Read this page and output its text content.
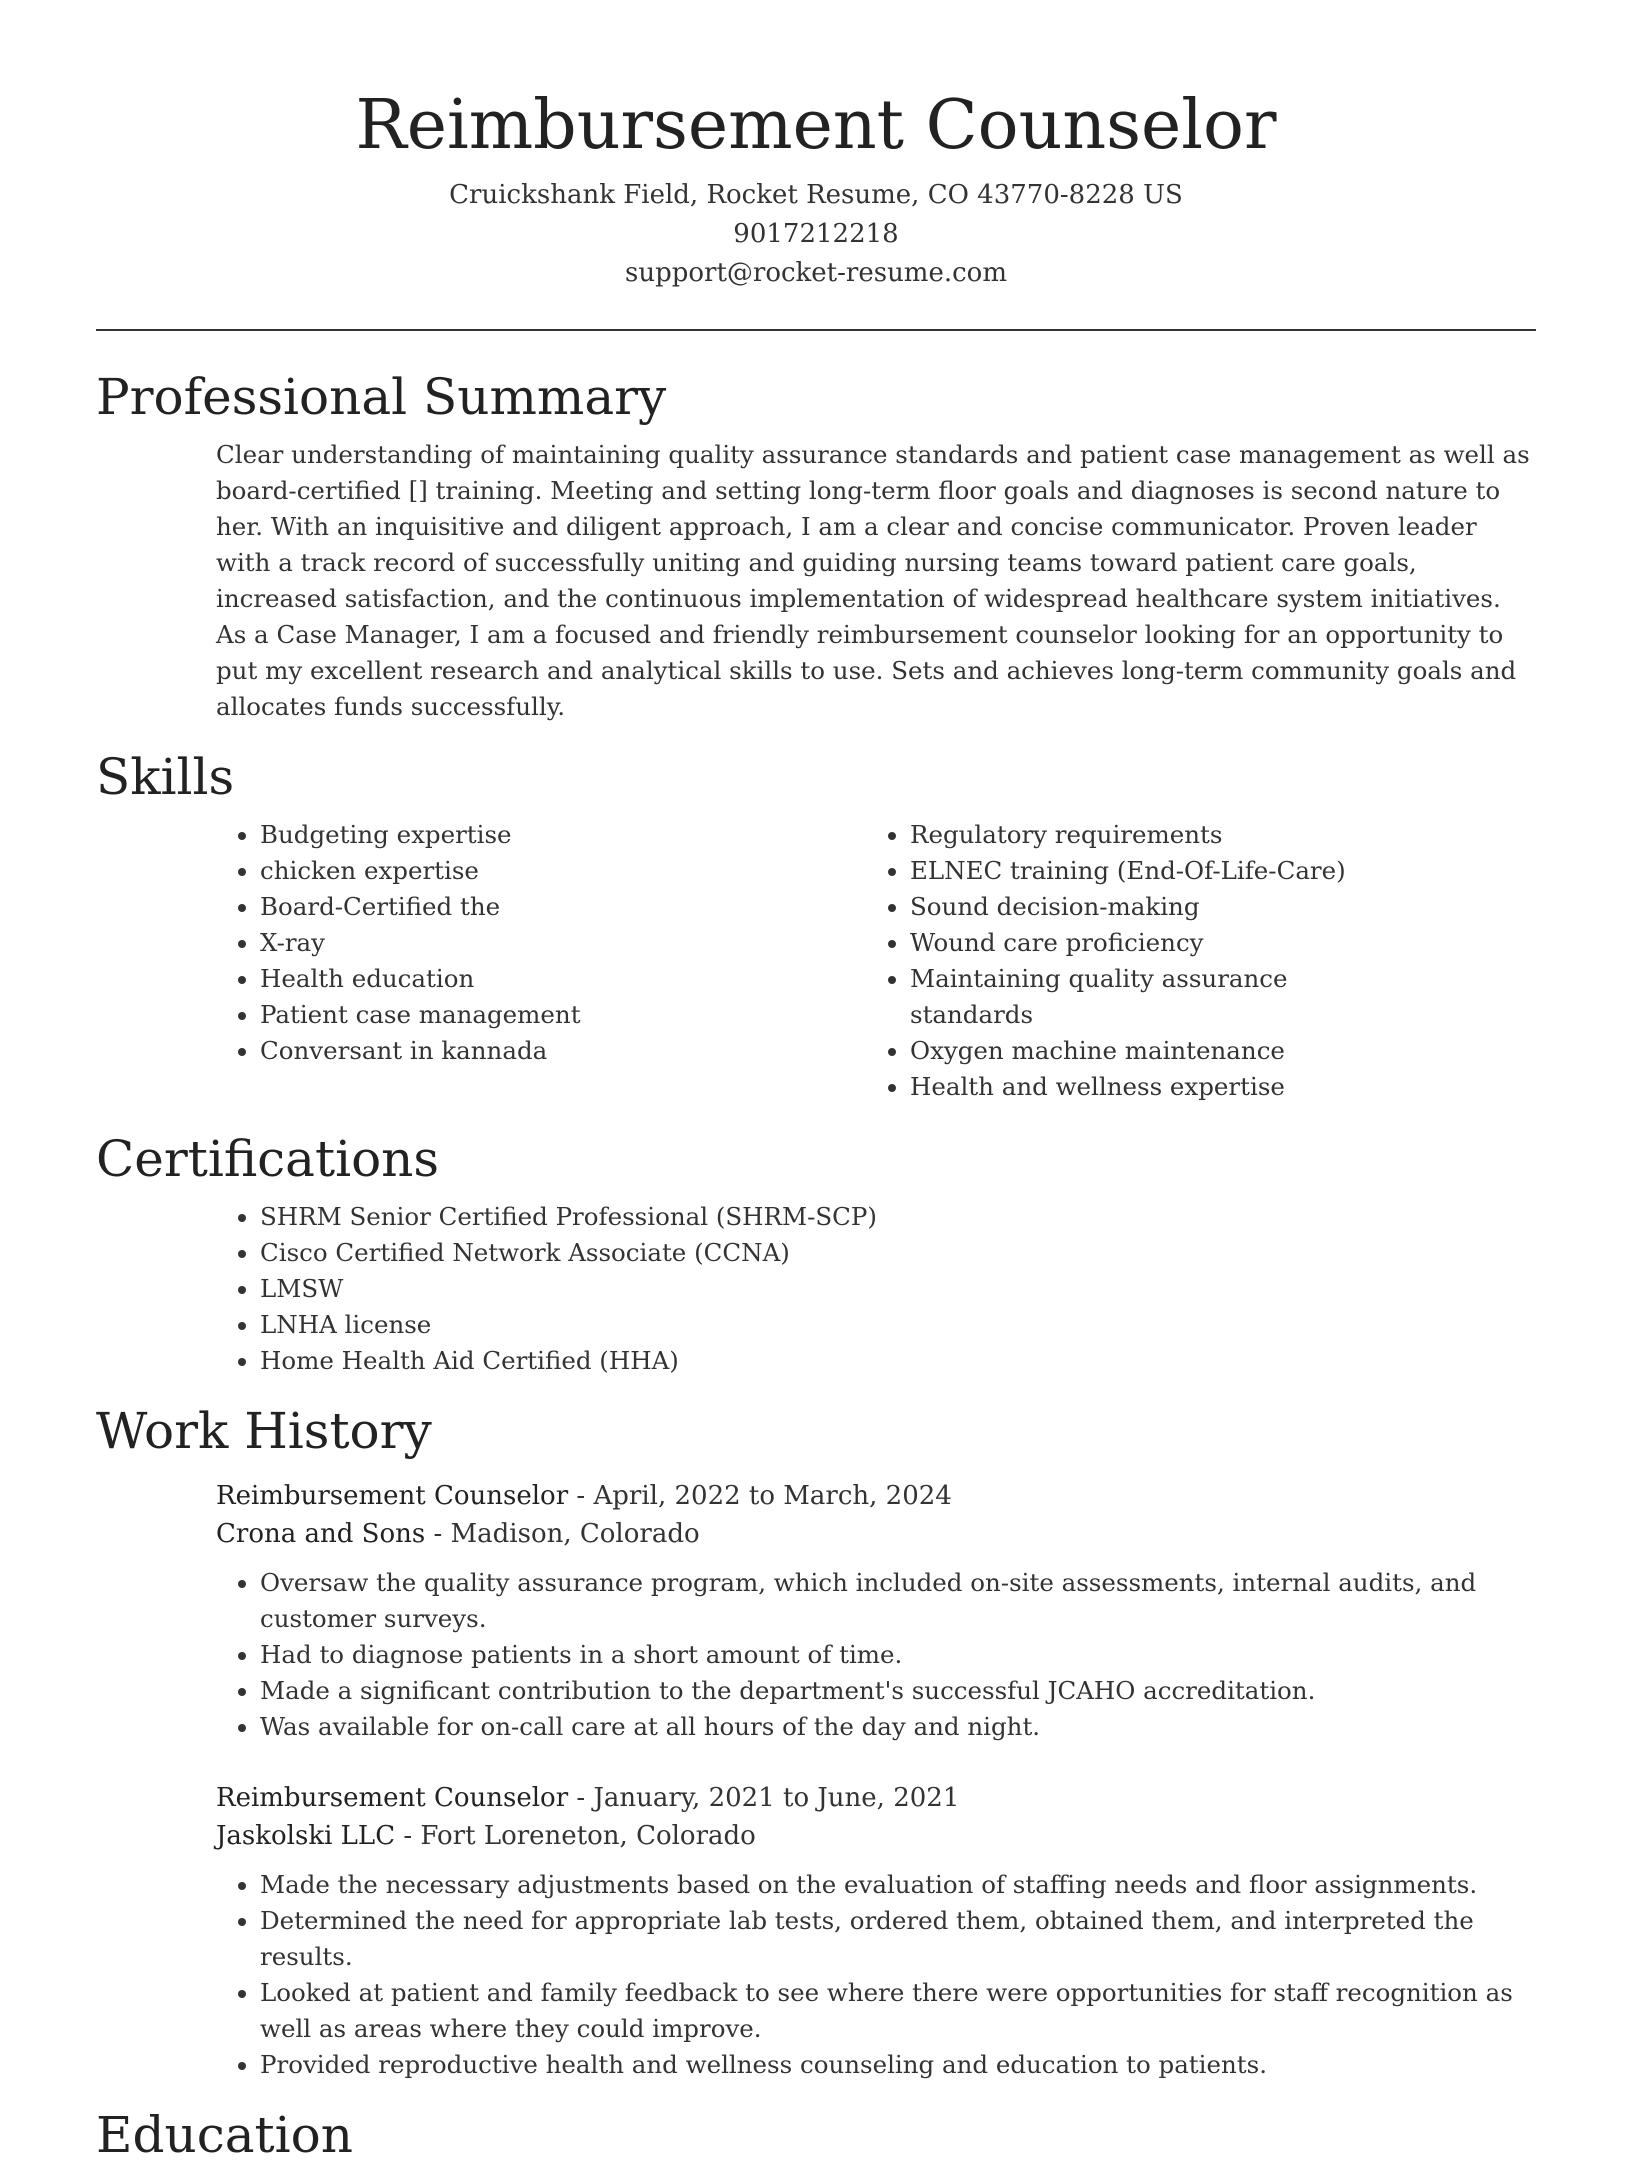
Reimbursement Counselor
Cruickshank Field, Rocket Resume, CO 43770-8228 US
9017212218
support@rocket-resume.com
Professional Summary
Clear understanding of maintaining quality assurance standards and patient case management as well as board-certified [] training. Meeting and setting long-term floor goals and diagnoses is second nature to her. With an inquisitive and diligent approach, I am a clear and concise communicator. Proven leader with a track record of successfully uniting and guiding nursing teams toward patient care goals, increased satisfaction, and the continuous implementation of widespread healthcare system initiatives. As a Case Manager, I am a focused and friendly reimbursement counselor looking for an opportunity to put my excellent research and analytical skills to use. Sets and achieves long-term community goals and allocates funds successfully.
Skills
• Budgeting expertise
• chicken expertise
• Board-Certified the
• X-ray
• Health education
• Patient case management
• Conversant in kannada
• Regulatory requirements
• ELNEC training (End-Of-Life-Care)
• Sound decision-making
• Wound care proficiency
• Maintaining quality assurance standards
• Oxygen machine maintenance
• Health and wellness expertise
Certifications
• SHRM Senior Certified Professional (SHRM-SCP)
• Cisco Certified Network Associate (CCNA)
• LMSW
• LNHA license
• Home Health Aid Certified (HHA)
Work History
Reimbursement Counselor - April, 2022 to March, 2024
Crona and Sons - Madison, Colorado
• Oversaw the quality assurance program, which included on-site assessments, internal audits, and customer surveys.
• Had to diagnose patients in a short amount of time.
• Made a significant contribution to the department's successful JCAHO accreditation.
• Was available for on-call care at all hours of the day and night.
Reimbursement Counselor - January, 2021 to June, 2021
Jaskolski LLC - Fort Loreneton, Colorado
• Made the necessary adjustments based on the evaluation of staffing needs and floor assignments.
• Determined the need for appropriate lab tests, ordered them, obtained them, and interpreted the results.
• Looked at patient and family feedback to see where there were opportunities for staff recognition as well as areas where they could improve.
• Provided reproductive health and wellness counseling and education to patients.
Education
